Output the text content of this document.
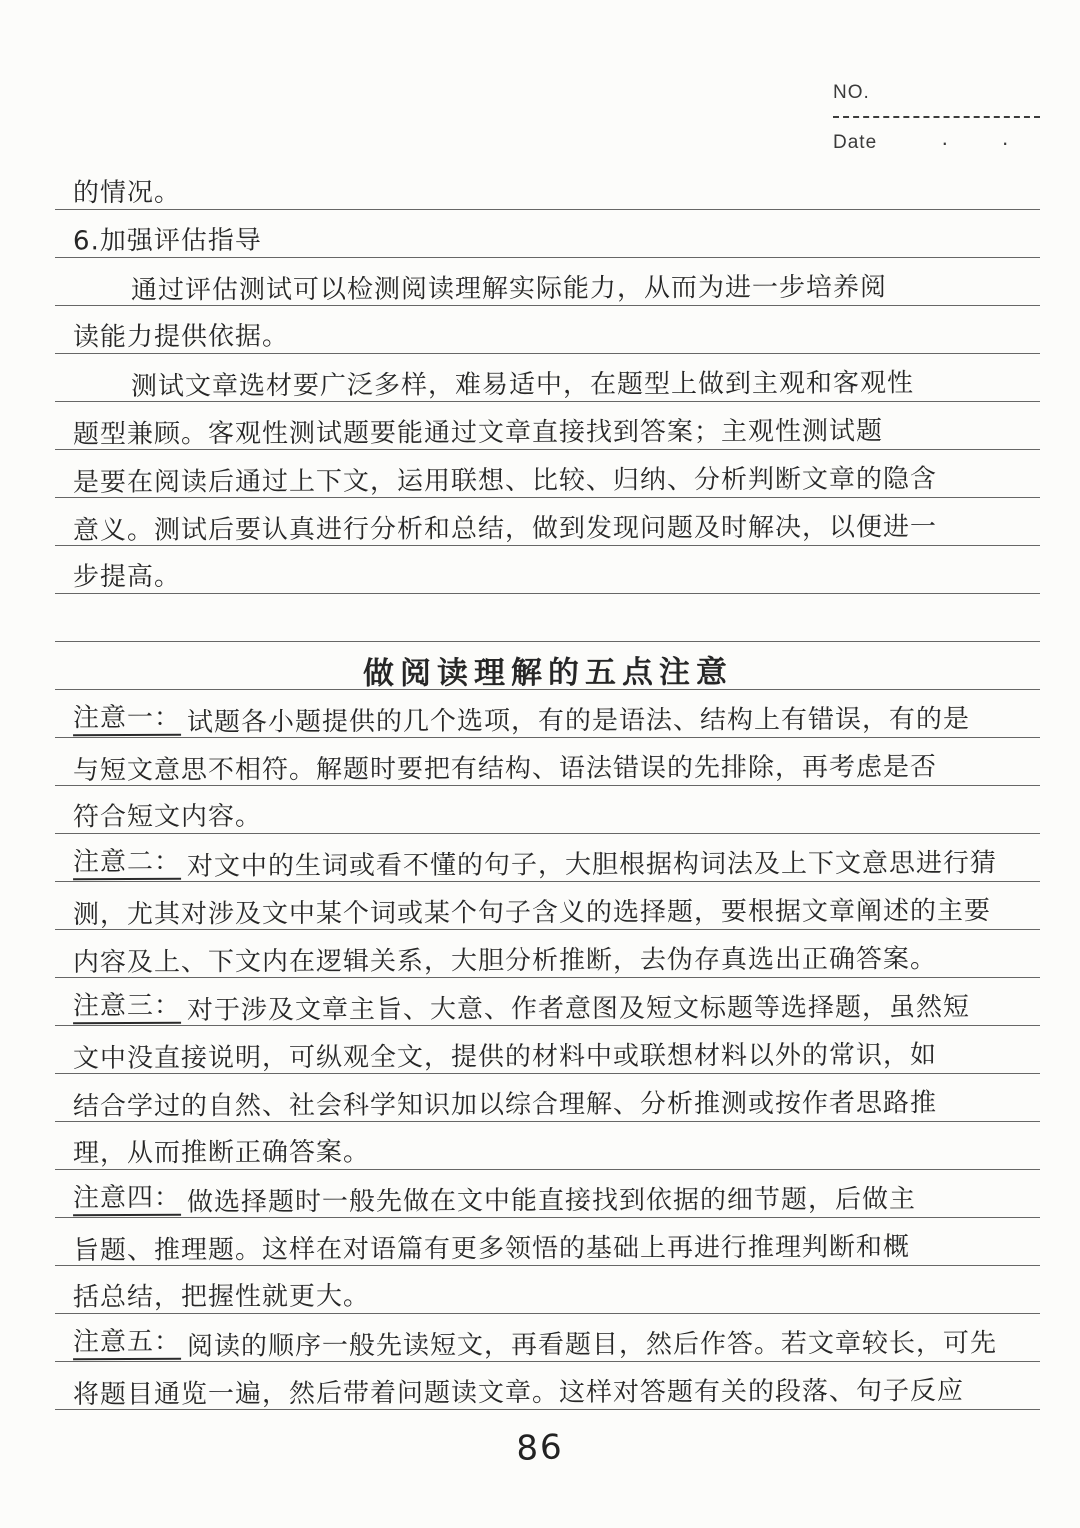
NO.
Date	· ·
的情况。
6.加强评估指导
通过评估测试可以检测阅读理解实际能力，从而为进一步培养阅
读能力提供依据。
测试文章选材要广泛多样，难易适中，在题型上做到主观和客观性
题型兼顾。客观性测试题要能通过文章直接找到答案；主观性测试题
是要在阅读后通过上下文，运用联想、比较、归纳、分析判断文章的隐含
意义。测试后要认真进行分析和总结，做到发现问题及时解决，以便进一
步提高。
做阅读理解的五点注意
注意一： 试题各小题提供的几个选项，有的是语法、结构上有错误，有的是
与短文意思不相符。解题时要把有结构、语法错误的先排除，再考虑是否
符合短文内容。
注意二： 对文中的生词或看不懂的句子，大胆根据构词法及上下文意思进行猜
测，尤其对涉及文中某个词或某个句子含义的选择题，要根据文章阐述的主要
内容及上、下文内在逻辑关系，大胆分析推断，去伪存真选出正确答案。
注意三： 对于涉及文章主旨、大意、作者意图及短文标题等选择题，虽然短
文中没直接说明，可纵观全文，提供的材料中或联想材料以外的常识，如
结合学过的自然、社会科学知识加以综合理解、分析推测或按作者思路推
理，从而推断正确答案。
注意四： 做选择题时一般先做在文中能直接找到依据的细节题，后做主
旨题、推理题。这样在对语篇有更多领悟的基础上再进行推理判断和概
括总结，把握性就更大。
注意五： 阅读的顺序一般先读短文，再看题目，然后作答。若文章较长，可先
将题目通览一遍，然后带着问题读文章。这样对答题有关的段落、句子反应
86
